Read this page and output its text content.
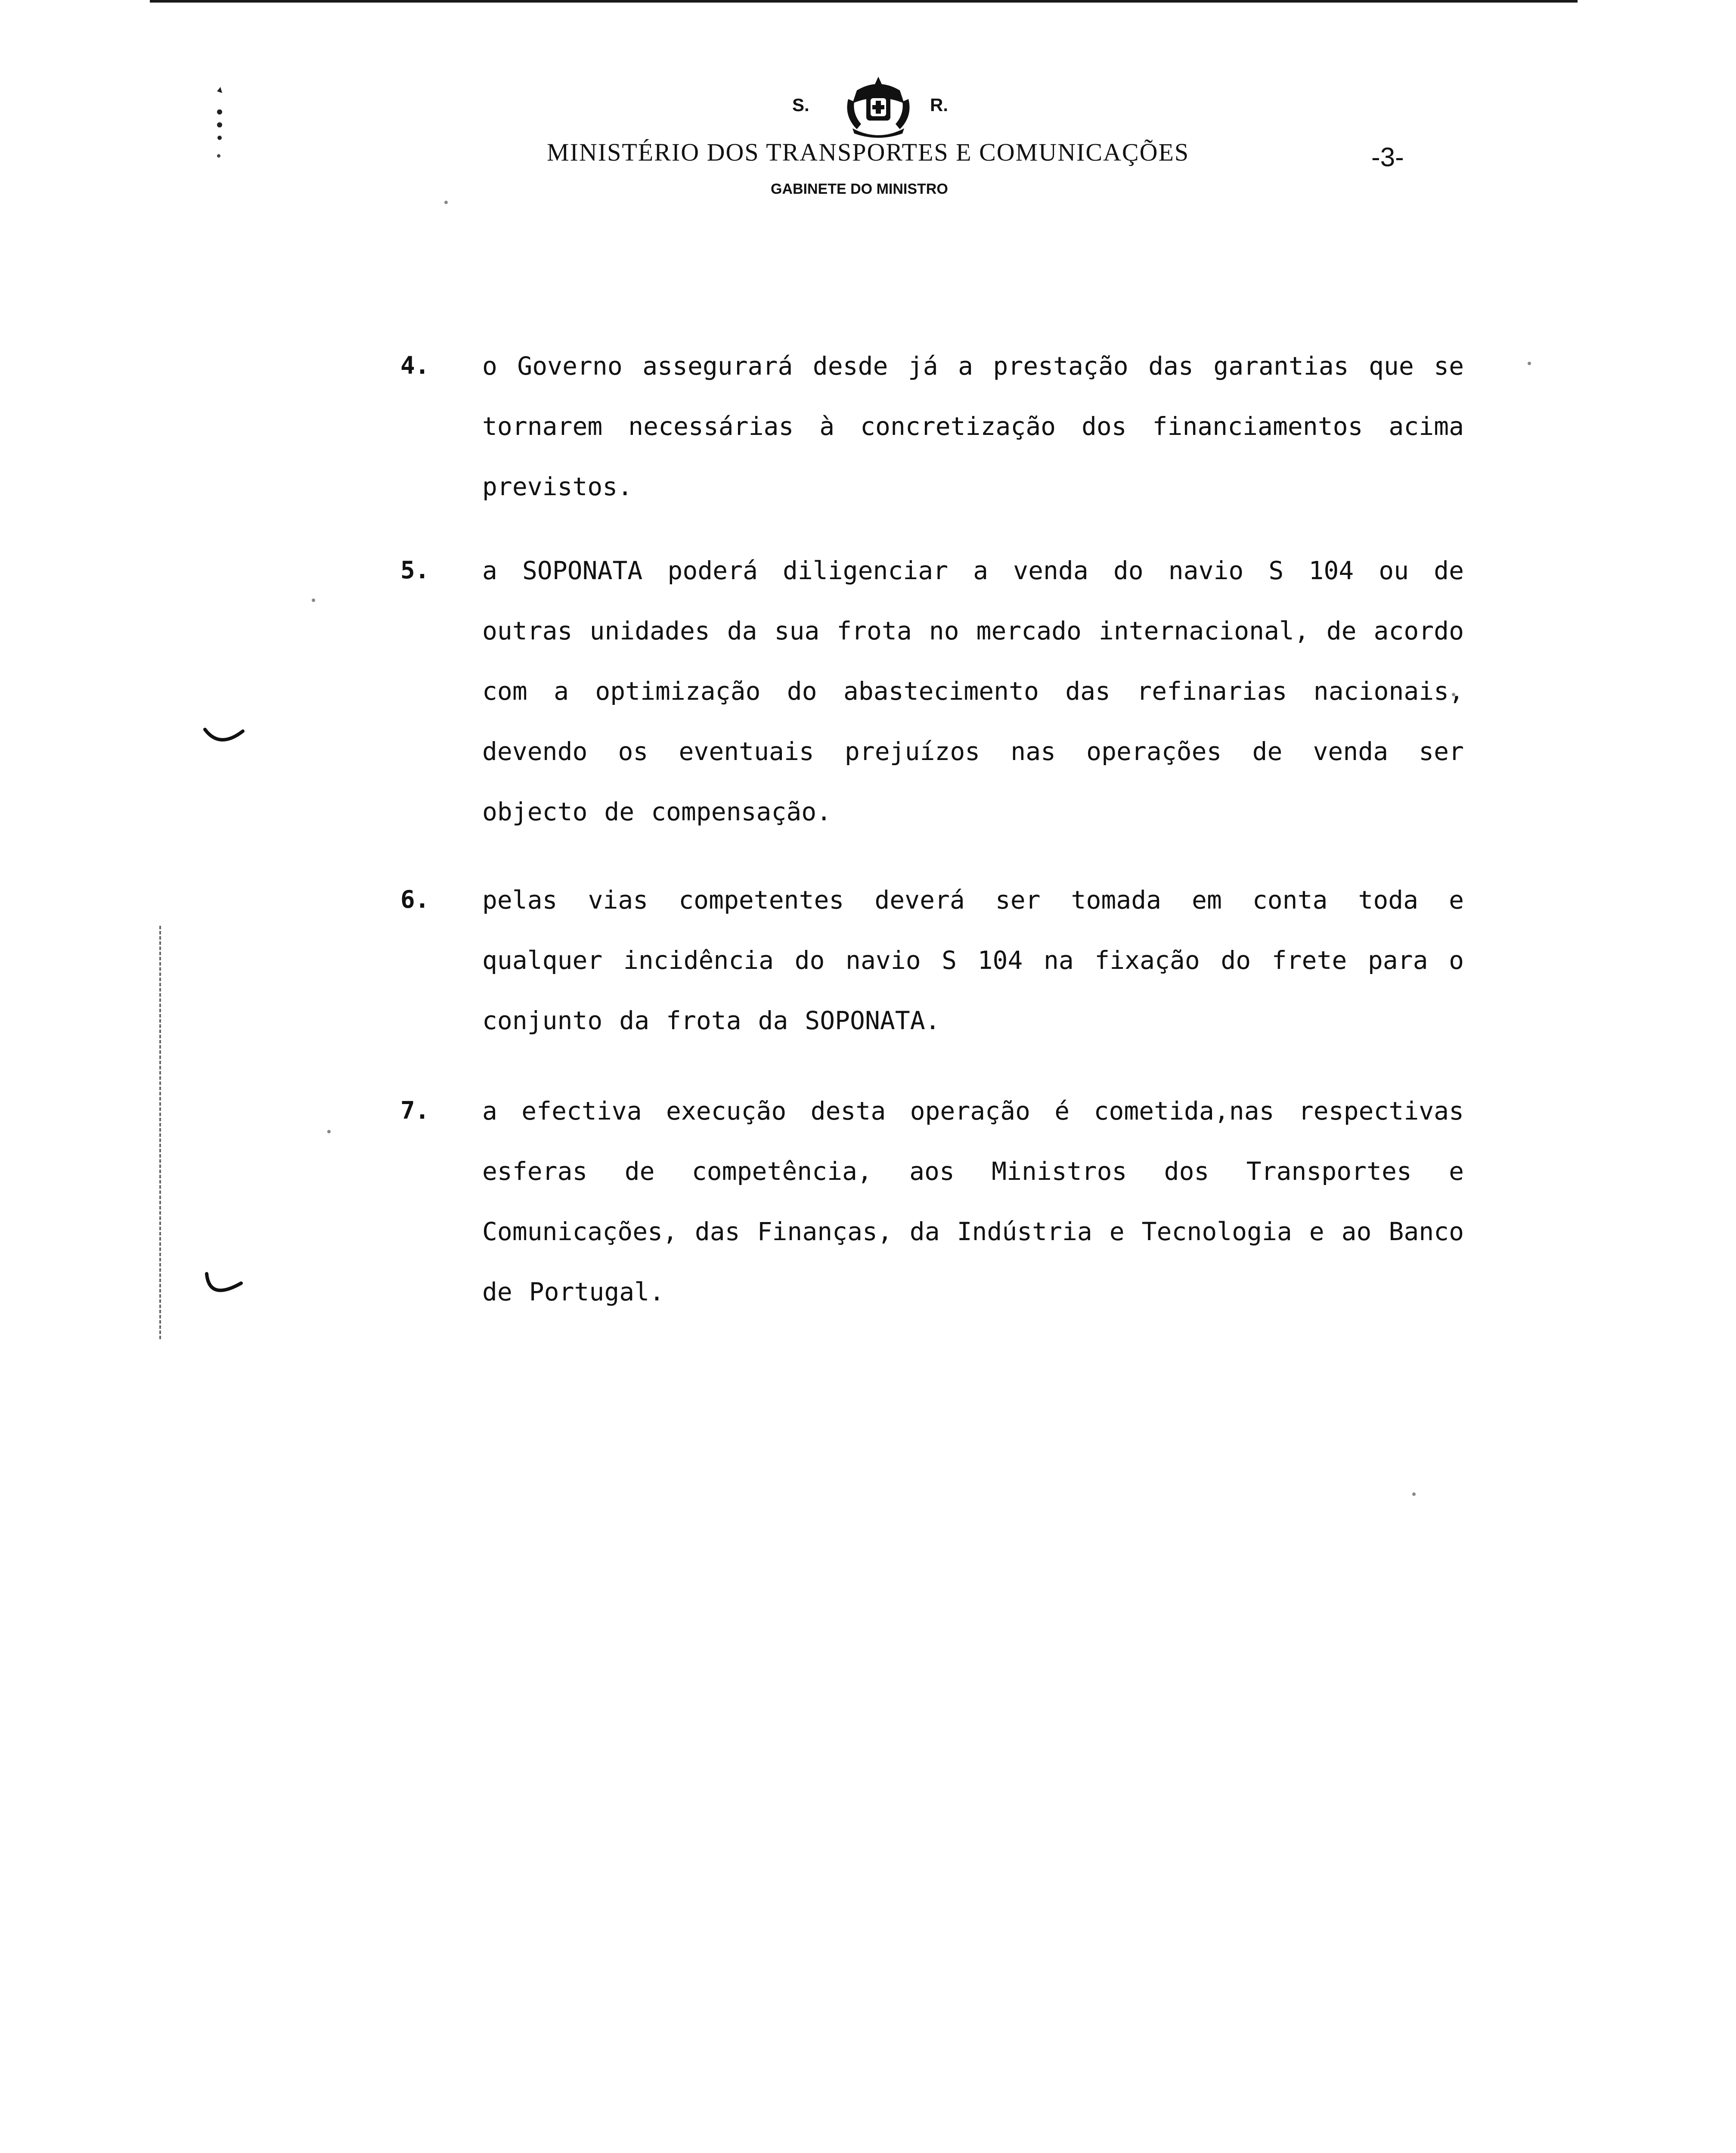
S.	R.
MINISTÉRIO DOS TRANSPORTES E COMUNICAÇÕES
GABINETE DO MINISTRO
-3-
4. o Governo assegurará desde já a prestação das garantias que se tornarem necessárias à concretização dos financiamentos acima previstos.
5. a SOPONATA poderá diligenciar a venda do navio S 104 ou de outras unidades da sua frota no mercado internacional, de acordo com a optimização do abastecimento das refinarias nacionais, devendo os eventuais prejuízos nas operações de venda ser objecto de compensação.
6. pelas vias competentes deverá ser tomada em conta toda e qualquer incidência do navio S 104 na fixação do frete para o conjunto da frota da SOPONATA.
7. a efectiva execução desta operação é cometida,nas respectivas esferas de competência, aos Ministros dos Transportes e Comunicações, das Finanças, da Indústria e Tecnologia e ao Banco de Portugal.
